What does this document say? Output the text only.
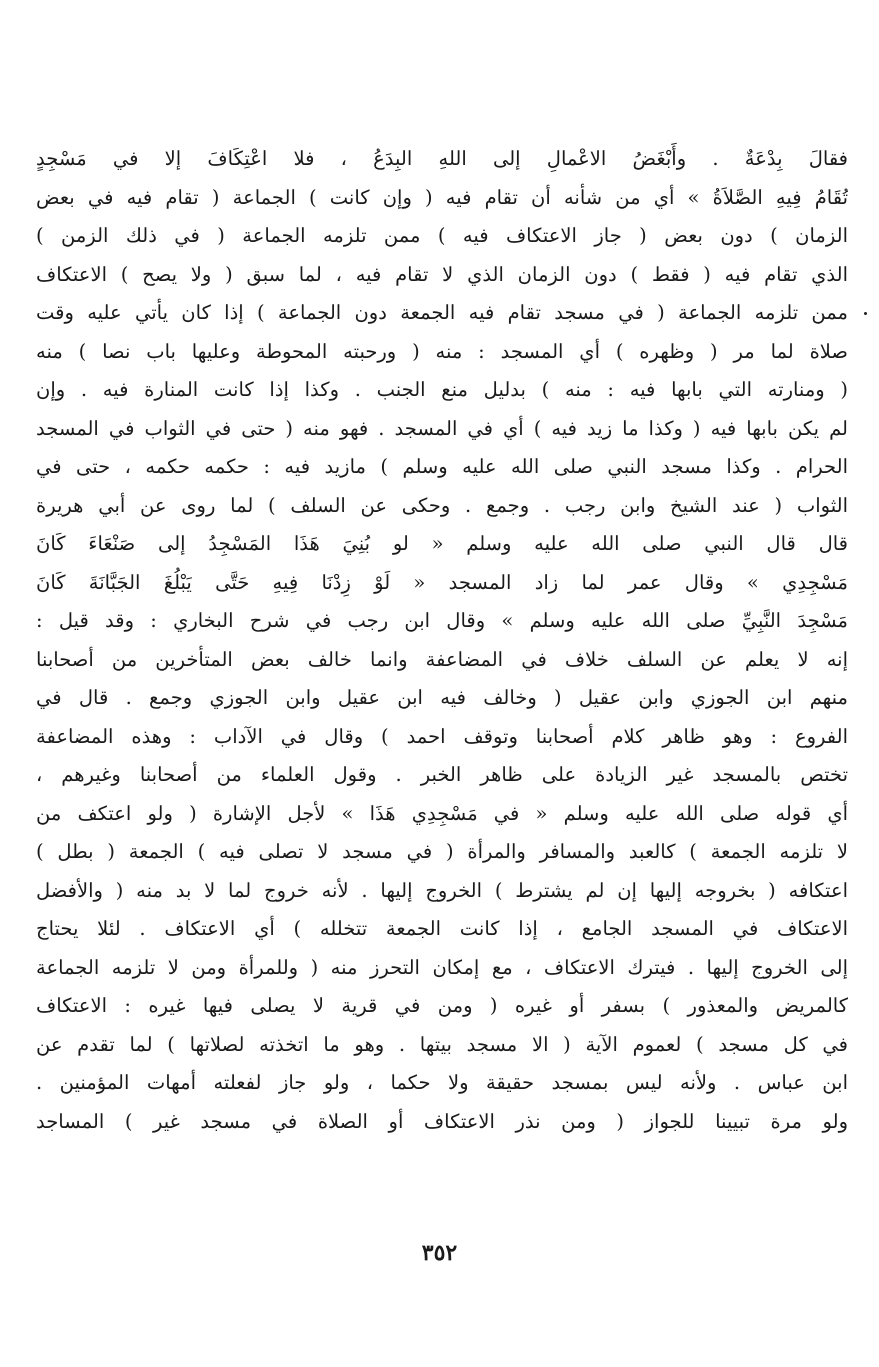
فقالَ بِدْعَةٌ . وأَبْغَضُ الاعْمالِ إلى اللهِ البِدَعُ ، فلا اعْتِكَافَ إلا في مَسْجِدٍ
تُقَامُ فِيهِ الصَّلاَةُ » أي من شأنه أن تقام فيه ( وإن كانت ) الجماعة ( تقام فيه في بعض
الزمان ) دون بعض ( جاز الاعتكاف فيه ) ممن تلزمه الجماعة ( في ذلك الزمن )
الذي تقام فيه ( فقط ) دون الزمان الذي لا تقام فيه ، لما سبق ( ولا يصح ) الاعتكاف
ممن تلزمه الجماعة ( في مسجد تقام فيه الجمعة دون الجماعة ) إذا كان يأتي عليه وقت
صلاة لما مر ( وظهره ) أي المسجد : منه ( ورحبته المحوطة وعليها باب نصا ) منه
( ومنارته التي بابها فيه : منه ) بدليل منع الجنب . وكذا إذا كانت المنارة فيه . وإن
لم يكن بابها فيه ( وكذا ما زيد فيه ) أي في المسجد . فهو منه ( حتى في الثواب في المسجد
الحرام . وكذا مسجد النبي صلى الله عليه وسلم ) مازيد فيه : حكمه حكمه ، حتى في
الثواب ( عند الشيخ وابن رجب . وجمع . وحكى عن السلف ) لما روى عن أبي هريرة
قال قال النبي صلى الله عليه وسلم « لو بُنِيَ هَذَا المَسْجِدُ إلى صَنْعَاءَ كَانَ
مَسْجِدِي » وقال عمر لما زاد المسجد « لَوْ زِدْنَا فِيهِ حَتَّى يَبْلُغَ الجَبَّانَةَ كَانَ
مَسْجِدَ النَّبِيِّ صلى الله عليه وسلم » وقال ابن رجب في شرح البخاري : وقد قيل :
إنه لا يعلم عن السلف خلاف في المضاعفة وانما خالف بعض المتأخرين من أصحابنا
منهم ابن الجوزي وابن عقيل ( وخالف فيه ابن عقيل وابن الجوزي وجمع . قال في
الفروع : وهو ظاهر كلام أصحابنا وتوقف احمد ) وقال في الآداب : وهذه المضاعفة
تختص بالمسجد غير الزيادة على ظاهر الخبر . وقول العلماء من أصحابنا وغيرهم ،
أي قوله صلى الله عليه وسلم « في مَسْجِدِي هَذَا » لأجل الإشارة ( ولو اعتكف من
لا تلزمه الجمعة ) كالعبد والمسافر والمرأة ( في مسجد لا تصلى فيه ) الجمعة ( بطل )
اعتكافه ( بخروجه إليها إن لم يشترط ) الخروج إليها . لأنه خروج لما لا بد منه ( والأفضل
الاعتكاف في المسجد الجامع ، إذا كانت الجمعة تتخلله ) أي الاعتكاف . لئلا يحتاج
إلى الخروج إليها . فيترك الاعتكاف ، مع إمكان التحرز منه ( وللمرأة ومن لا تلزمه الجماعة
كالمريض والمعذور ) بسفر أو غيره ( ومن في قرية لا يصلى فيها غيره : الاعتكاف
في كل مسجد ) لعموم الآية ( الا مسجد بيتها . وهو ما اتخذته لصلاتها ) لما تقدم عن
ابن عباس . ولأنه ليس بمسجد حقيقة ولا حكما ، ولو جاز لفعلته أمهات المؤمنين .
ولو مرة تبيينا للجواز ( ومن نذر الاعتكاف أو الصلاة في مسجد غير ) المساجد
٣٥٢
